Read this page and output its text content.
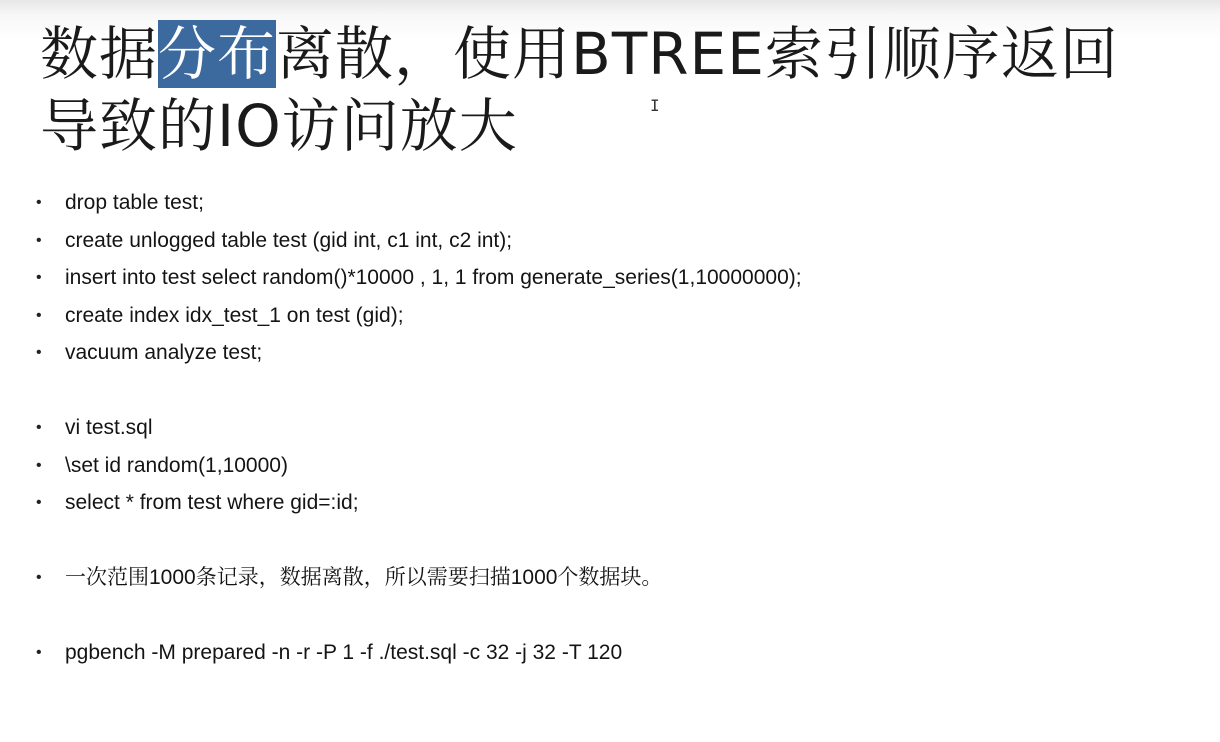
数据分布离散，使用BTREE索引顺序返回
导致的IO访问放大	I
• drop table test;
• create unlogged table test (gid int, c1 int, c2 int);
• insert into test select random()*10000 , 1, 1 from generate_series(1,10000000);
• create index idx_test_1 on test (gid);
• vacuum analyze test;
• vi test.sql
• \set id random(1,10000)
• select * from test where gid=:id;
• 一次范围1000条记录，数据离散，所以需要扫描1000个数据块。
• pgbench -M prepared -n -r -P 1 -f ./test.sql -c 32 -j 32 -T 120
